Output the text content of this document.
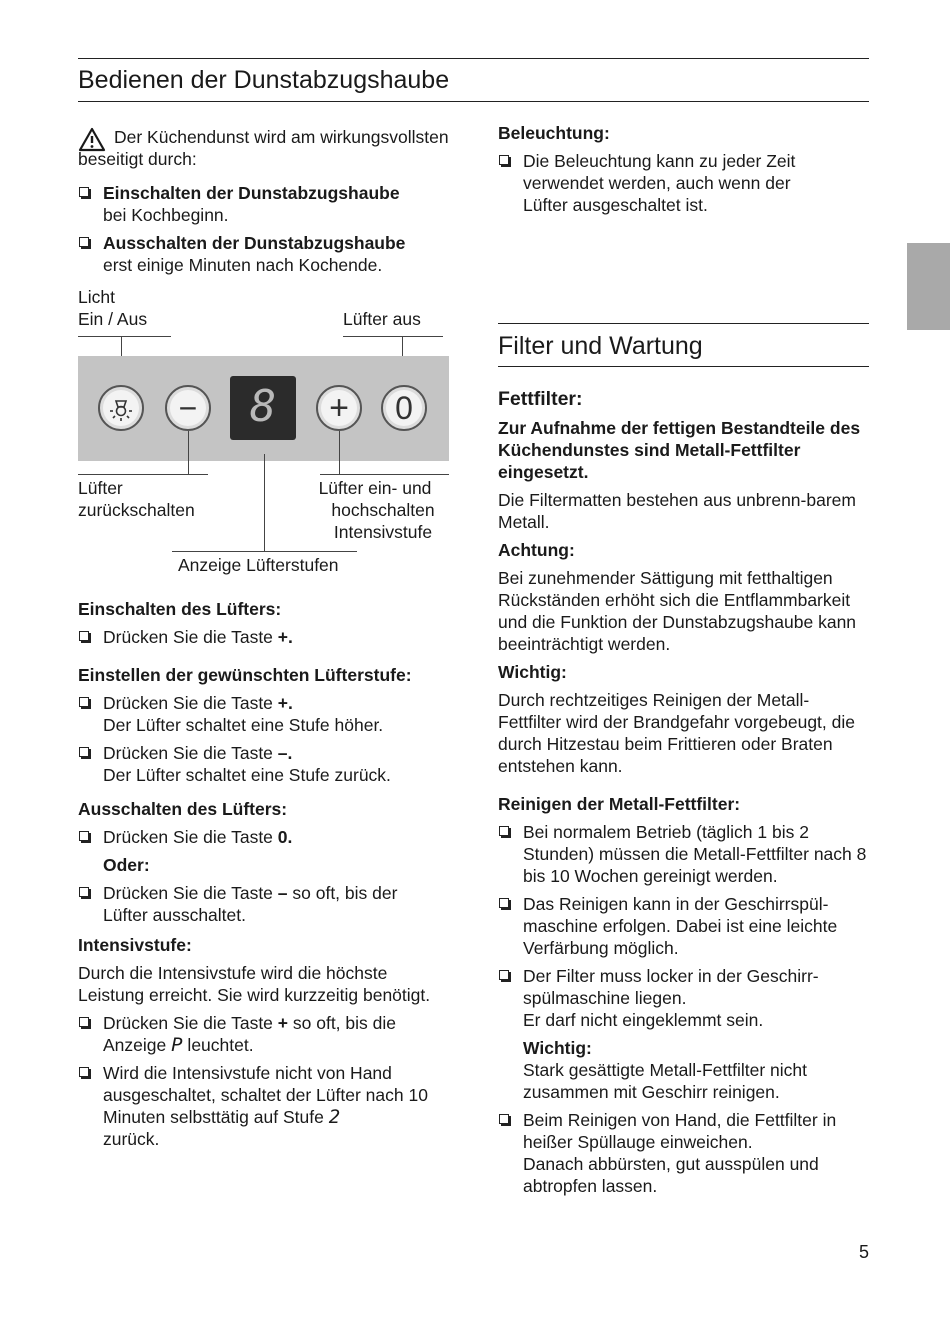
Bedienen der Dunstabzugshaube

Der Küchendunst wird am wirkungsvollsten beseitigt durch:

Einschalten der Dunstabzugshaube
bei Kochbeginn.
Ausschalten der Dunstabzugshaube
erst einige Minuten nach Kochende.
Licht
Ein / Aus	Lüfter aus
−	8	+	0
Lüfter
zurückschalten
Lüfter ein- und
hochschalten
Intensivstufe
Anzeige Lüfterstufen
Einschalten des Lüfters:
Drücken Sie die Taste +.
Einstellen der gewünschten Lüfterstufe:
Drücken Sie die Taste +.
Der Lüfter schaltet eine Stufe höher.
Drücken Sie die Taste –.
Der Lüfter schaltet eine Stufe zurück.
Ausschalten des Lüfters:
Drücken Sie die Taste 0.
Oder:
Drücken Sie die Taste – so oft, bis der
Lüfter ausschaltet.
Intensivstufe:

Durch die Intensivstufe wird die höchste Leistung erreicht. Sie wird kurzzeitig benötigt.

Drücken Sie die Taste + so oft, bis die
Anzeige P leuchtet.
Wird die Intensivstufe nicht von Hand ausgeschaltet, schaltet der Lüfter nach 10 Minuten selbsttätig auf Stufe 2
zurück.
Beleuchtung:
Die Beleuchtung kann zu jeder Zeit verwendet werden, auch wenn der Lüfter ausgeschaltet ist.
Filter und Wartung
Fettfilter:

Zur Aufnahme der fettigen Bestandteile des Küchendunstes sind Metall-Fettfilter eingesetzt.

Die Filtermatten bestehen aus unbrenn-barem Metall.

Achtung:

Bei zunehmender Sättigung mit fetthaltigen Rückständen erhöht sich die Entflammbarkeit und die Funktion der Dunstabzugshaube kann beeinträchtigt werden.

Wichtig:

Durch rechtzeitiges Reinigen der Metall-Fettfilter wird der Brandgefahr vorgebeugt, die durch Hitzestau beim Frittieren oder Braten entstehen kann.

Reinigen der Metall-Fettfilter:
Bei normalem Betrieb (täglich 1 bis 2 Stunden) müssen die Metall-Fettfilter nach 8 bis 10 Wochen gereinigt werden.
Das Reinigen kann in der Geschirrspül-maschine erfolgen. Dabei ist eine leichte Verfärbung möglich.
Der Filter muss locker in der Geschirr-spülmaschine liegen.
Er darf nicht eingeklemmt sein.
Wichtig:
Stark gesättigte Metall-Fettfilter nicht zusammen mit Geschirr reinigen.
Beim Reinigen von Hand, die Fettfilter in heißer Spüllauge einweichen.
Danach abbürsten, gut ausspülen und abtropfen lassen.
5
